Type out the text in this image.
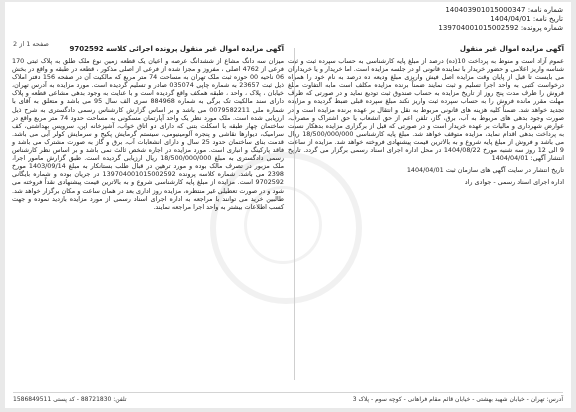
شماره نامه: 140403901015000347
تاریخ نامه: 1404/04/01
شماره پرونده: 139704001015002592
صفحه 1 از 2
آگهی مزایده اموال غیر منقول

عموم آزاد است و منوط به پرداخت 10(ده) درصد از مبلغ پایه کارشناسی به حساب سپرده ثبت و ثبت شناسه واریز اعلامی و حضور خریدار با نماینده قانونی او در جلسه مزایده است. اما خریدار و یا خریداران می بایست تا قبل از پایان وقت مزایده اصل فیش واریزی مبلغ ودیعه ده درصد به نام خود را همراه درخواست کتبی به واحد اجرا تسلیم و ثبت نمایند ضمناً برنده مزایده مکلف است مابه التفاوت مبلغ فروش را ظرف مدت پنج روز از تاریخ مزایده به حساب صندوق ثبت تودیع نماید و در صورتی که ظرف مهلت مقرر مانده فروش را به حساب سپرده ثبت واریز نکند مبلغ سپرده قبلی ضبط گردیده و مزایده تجدید خواهد شد. ضمناً کلیه هزینه های قانونی مربوط به نقل و انتقال بر عهده برنده مزایده است و در صورت وجود بدهی های مربوط به آب، برق، گاز، تلفن اعم از حق انشعاب یا حق اشتراک و مصرف، عوارض شهرداری و مالیات بر عهده خریدار است و در صورتی که قبل از برگزاری مزایده بدهکار نسبت به پرداخت بدهی اقدام نماید، مزایده متوقف خواهد شد. مبلغ پایه کارشناسی 18/500/000/000 ریال می باشد و فروش از مبلغ پایه شروع و به بالاترین قیمت پیشنهادی فروخته خواهد شد. مزایده از ساعت 9 الی 12 روز سه شنبه مورخ 1404/08/22 در محل اداره اجرای اسناد رسمی برگزار می گردد. تاریخ انتشار آگهی: 1404/04/01

تاریخ انتشار در سایت آگهی های سازمان ثبت 1404/04/01

اداره اجرای اسناد رسمی - جوادی راد

آگهی مزایده اموال غیر منقول پرونده اجرائی کلاسه 9702592

میزان سه دانگ مشاع از ششدانگ عرصه و اعیان یک قطعه زمین نوع ملک طلق به پلاک ثبتی 170 فرعی از 4762 اصلی ، مفروز و مجزا شده از فرعی از اصلی مذکور ، قطعه در طبقه و واقع در بخش 06 ناحیه 00 حوزه ثبت ملک تهران به مساحت 74 متر مربع که مالکیت آن در صفحه 156 دفتر املاک ذیل ثبت 23657 به شماره چاپی 035074 صادر و تسلیم گردیده است. مورد مزایده به آدرس تهران، خیابان ، پلاک ، واحد ، طبقه همکف واقع گردیده است و با عنایت به وجود بدهی مشاعی قطعه و پلاک دارای سند مالکیت تک برگی به شماره 884968 سری الف سال 95 می باشد و متعلق به آقای با شماره ملی 0079582211 می باشد و بر اساس گزارش کارشناس رسمی دادگستری به شرح ذیل ارزیابی شده است. ملک مورد نظر یک واحد آپارتمان مسکونی به مساحت حدود 74 متر مربع واقع در ساختمان چهار طبقه با اسکلت بتنی که دارای دو اتاق خواب، آشپزخانه اپن، سرویس بهداشتی، کف سرامیک، دیوارها نقاشی و پنجره آلومینیومی، سیستم گرمایش پکیج و سرمایش کولر آبی می باشد. قدمت بنای ساختمان حدود 25 سال و دارای انشعابات آب، برق و گاز به صورت مشترک می باشد و فاقد پارکینگ و انباری است. مورد مزایده در اجاره شخص ثالث نمی باشد و بر اساس نظر کارشناس رسمی دادگستری به مبلغ 18/500/000/000 ریال ارزیابی گردیده است. طبق گزارش مامور اجرا، ملک مزبور در تصرف مالک بوده و مورد ترهین در قبال طلب بستانکار به مبلغ 1403/09/14 مورخ 2398 می باشد. شماره کلاسه پرونده 139704001015002592 در جریان بوده و شماره بایگانی 9702592 است. مزایده از مبلغ پایه کارشناسی شروع و به بالاترین قیمت پیشنهادی نقداً فروخته می شود و در صورت تعطیلی غیر منتظره، مزایده روز اداری بعد در همان ساعت و مکان برگزار خواهد شد. طالبین خرید می توانند با مراجعه به اداره اجرای اسناد رسمی از مورد مزایده بازدید نموده و جهت کسب اطلاعات بیشتر به واحد اجرا مراجعه نمایند.

آدرس: تهران - خیابان شهید بهشتی - خیابان قائم مقام فراهانی - کوچه سوم - پلاک 3
تلفن: 88721830 - کد پستی 1586849511
